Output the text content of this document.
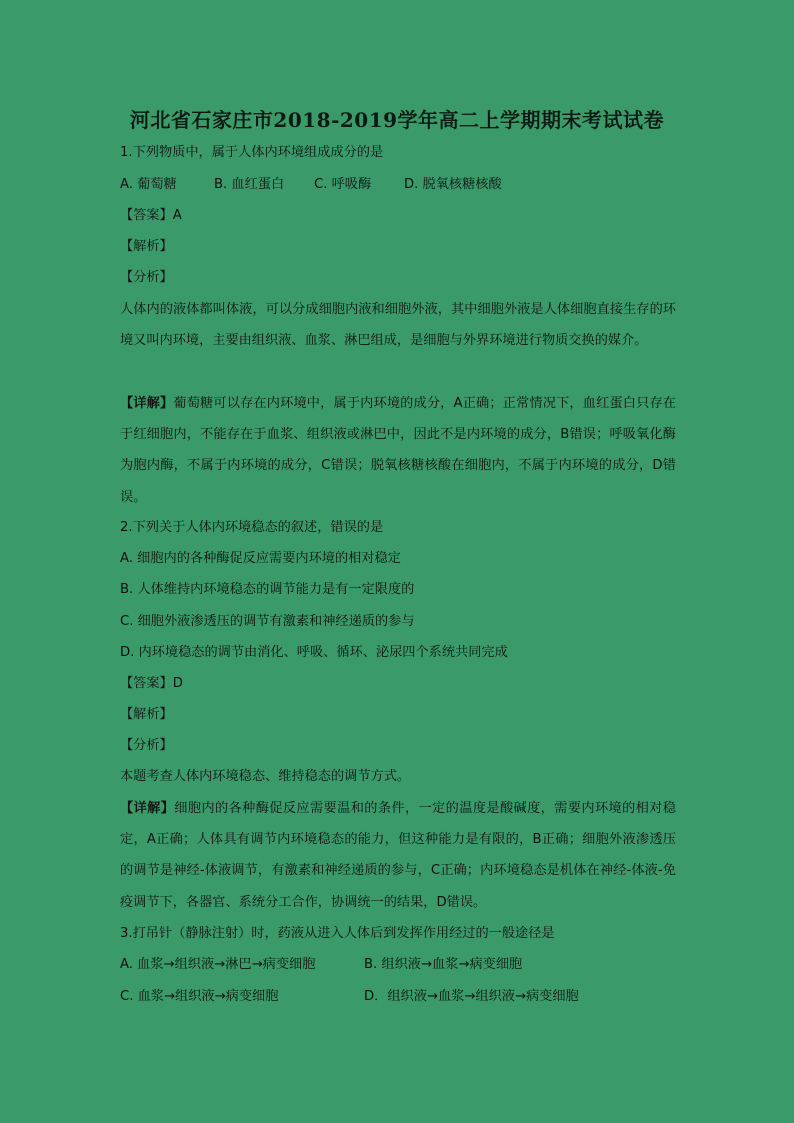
河北省石家庄市2018-2019学年高二上学期期末考试试卷
1.下列物质中，属于人体内环境组成成分的是
A. 葡萄糖	B. 血红蛋白 C. 呼吸酶 D. 脱氧核糖核酸
【答案】A
【解析】
【分析】
人体内的液体都叫体液，可以分成细胞内液和细胞外液，其中细胞外液是人体细胞直接生存的环境又叫内环境，主要由组织液、血浆、淋巴组成，是细胞与外界环境进行物质交换的媒介。
【详解】葡萄糖可以存在内环境中，属于内环境的成分，A正确；正常情况下，血红蛋白只存在于红细胞内，不能存在于血浆、组织液或淋巴中，因此不是内环境的成分，B错误；呼吸氧化酶为胞内酶，不属于内环境的成分，C错误；脱氧核糖核酸在细胞内，不属于内环境的成分，D错误。
2.下列关于人体内环境稳态的叙述，错误的是
A. 细胞内的各种酶促反应需要内环境的相对稳定
B. 人体维持内环境稳态的调节能力是有一定限度的
C. 细胞外液渗透压的调节有激素和神经递质的参与
D. 内环境稳态的调节由消化、呼吸、循环、泌尿四个系统共同完成
【答案】D
【解析】
【分析】
本题考查人体内环境稳态、维持稳态的调节方式。
【详解】细胞内的各种酶促反应需要温和的条件，一定的温度是酸碱度，需要内环境的相对稳定，A正确；人体具有调节内环境稳态的能力，但这种能力是有限的，B正确；细胞外液渗透压的调节是神经-体液调节，有激素和神经递质的参与，C正确；内环境稳态是机体在神经-体液-免疫调节下，各器官、系统分工合作，协调统一的结果，D错误。
3.打吊针（静脉注射）时，药液从进入人体后到发挥作用经过的一般途径是
A. 血浆→组织液→淋巴→病变细胞	B. 组织液→血浆→病变细胞
C. 血浆→组织液→病变细胞	D．组织液→血浆→组织液→病变细胞
